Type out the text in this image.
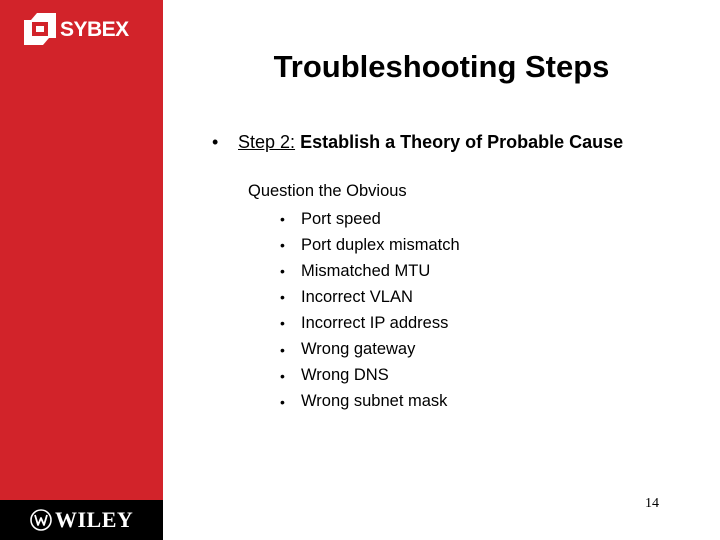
SYBEX
WILEY
Troubleshooting Steps
• Step 2: Establish a Theory of Probable Cause
Question the Obvious
• Port speed
• Port duplex mismatch
• Mismatched MTU
• Incorrect VLAN
• Incorrect IP address
• Wrong gateway
• Wrong DNS
• Wrong subnet mask
14
